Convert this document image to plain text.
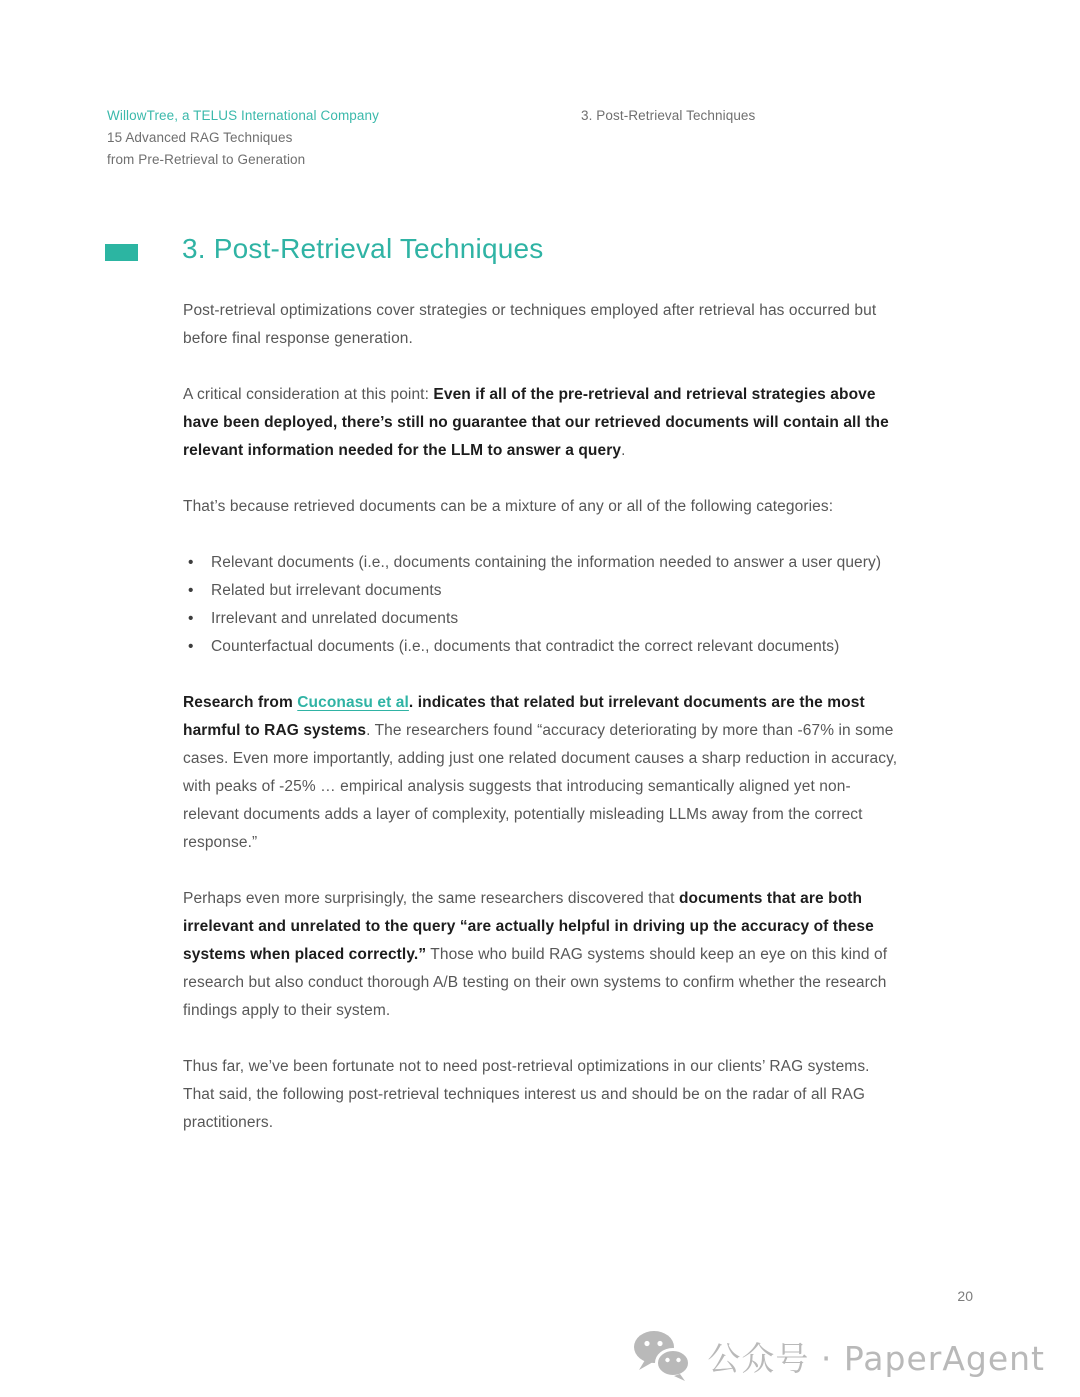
WillowTree, a TELUS International Company
15 Advanced RAG Techniques
from Pre-Retrieval to Generation
3. Post-Retrieval Techniques
3. Post-Retrieval Techniques

Post-retrieval optimizations cover strategies or techniques employed after retrieval has occurred but before final response generation.

A critical consideration at this point: Even if all of the pre-retrieval and retrieval strategies above have been deployed, there’s still no guarantee that our retrieved documents will contain all the relevant information needed for the LLM to answer a query.

That’s because retrieved documents can be a mixture of any or all of the following categories:

•	Relevant documents (i.e., documents containing the information needed to answer a user query)
•	Related but irrelevant documents
•	Irrelevant and unrelated documents
•	Counterfactual documents (i.e., documents that contradict the correct relevant documents)

Research from Cuconasu et al. indicates that related but irrelevant documents are the most harmful to RAG systems. The researchers found “accuracy deteriorating by more than -67% in some cases. Even more importantly, adding just one related document causes a sharp reduction in accuracy, with peaks of -25% … empirical analysis suggests that introducing semantically aligned yet non-relevant documents adds a layer of complexity, potentially misleading LLMs away from the correct response.”

Perhaps even more surprisingly, the same researchers discovered that documents that are both irrelevant and unrelated to the query “are actually helpful in driving up the accuracy of these systems when placed correctly.” Those who build RAG systems should keep an eye on this kind of research but also conduct thorough A/B testing on their own systems to confirm whether the research findings apply to their system.

Thus far, we’ve been fortunate not to need post-retrieval optimizations in our clients’ RAG systems. That said, the following post-retrieval techniques interest us and should be on the radar of all RAG practitioners.

20
公众号 · PaperAgent
